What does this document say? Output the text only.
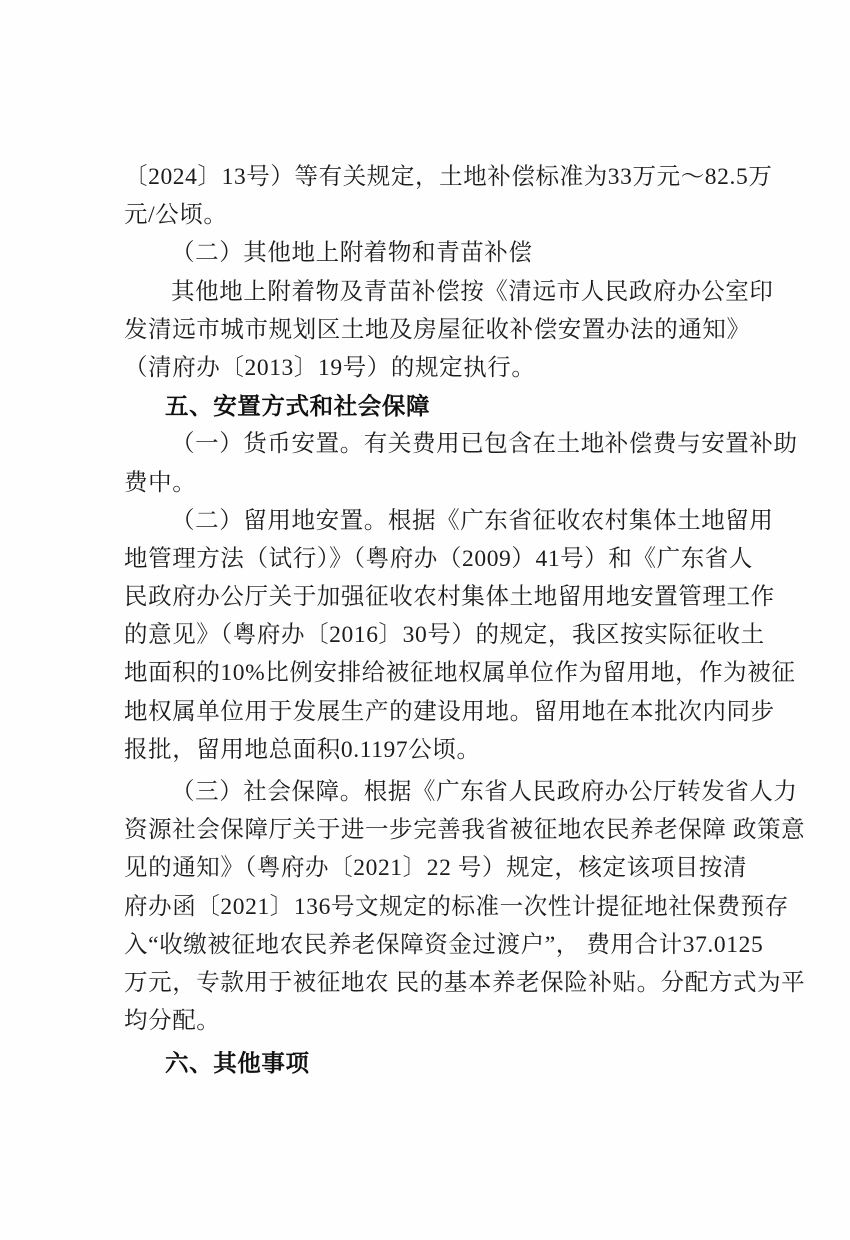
〔2024〕13号）等有关规定，土地补偿标准为33万元～82.5万
元/公顷。
（二）其他地上附着物和青苗补偿
其他地上附着物及青苗补偿按《清远市人民政府办公室印
发清远市城市规划区土地及房屋征收补偿安置办法的通知》
（清府办〔2013〕19号）的规定执行。
五、安置方式和社会保障
（一）货币安置。有关费用已包含在土地补偿费与安置补助
费中。
（二）留用地安置。根据《广东省征收农村集体土地留用
地管理方法（试行）》（粤府办（2009）41号）和《广东省人
民政府办公厅关于加强征收农村集体土地留用地安置管理工作
的意见》（粤府办〔2016〕30号）的规定，我区按实际征收土
地面积的10%比例安排给被征地权属单位作为留用地，作为被征
地权属单位用于发展生产的建设用地。留用地在本批次内同步
报批，留用地总面积0.1197公顷。
（三）社会保障。根据《广东省人民政府办公厅转发省人力
资源社会保障厅关于进一步完善我省被征地农民养老保障 政策意
见的通知》（粤府办〔2021〕22 号）规定，核定该项目按清
府办函〔2021〕136号文规定的标准一次性计提征地社保费预存
入“收缴被征地农民养老保障资金过渡户”， 费用合计37.0125
万元，专款用于被征地农 民的基本养老保险补贴。分配方式为平
均分配。
六、其他事项
